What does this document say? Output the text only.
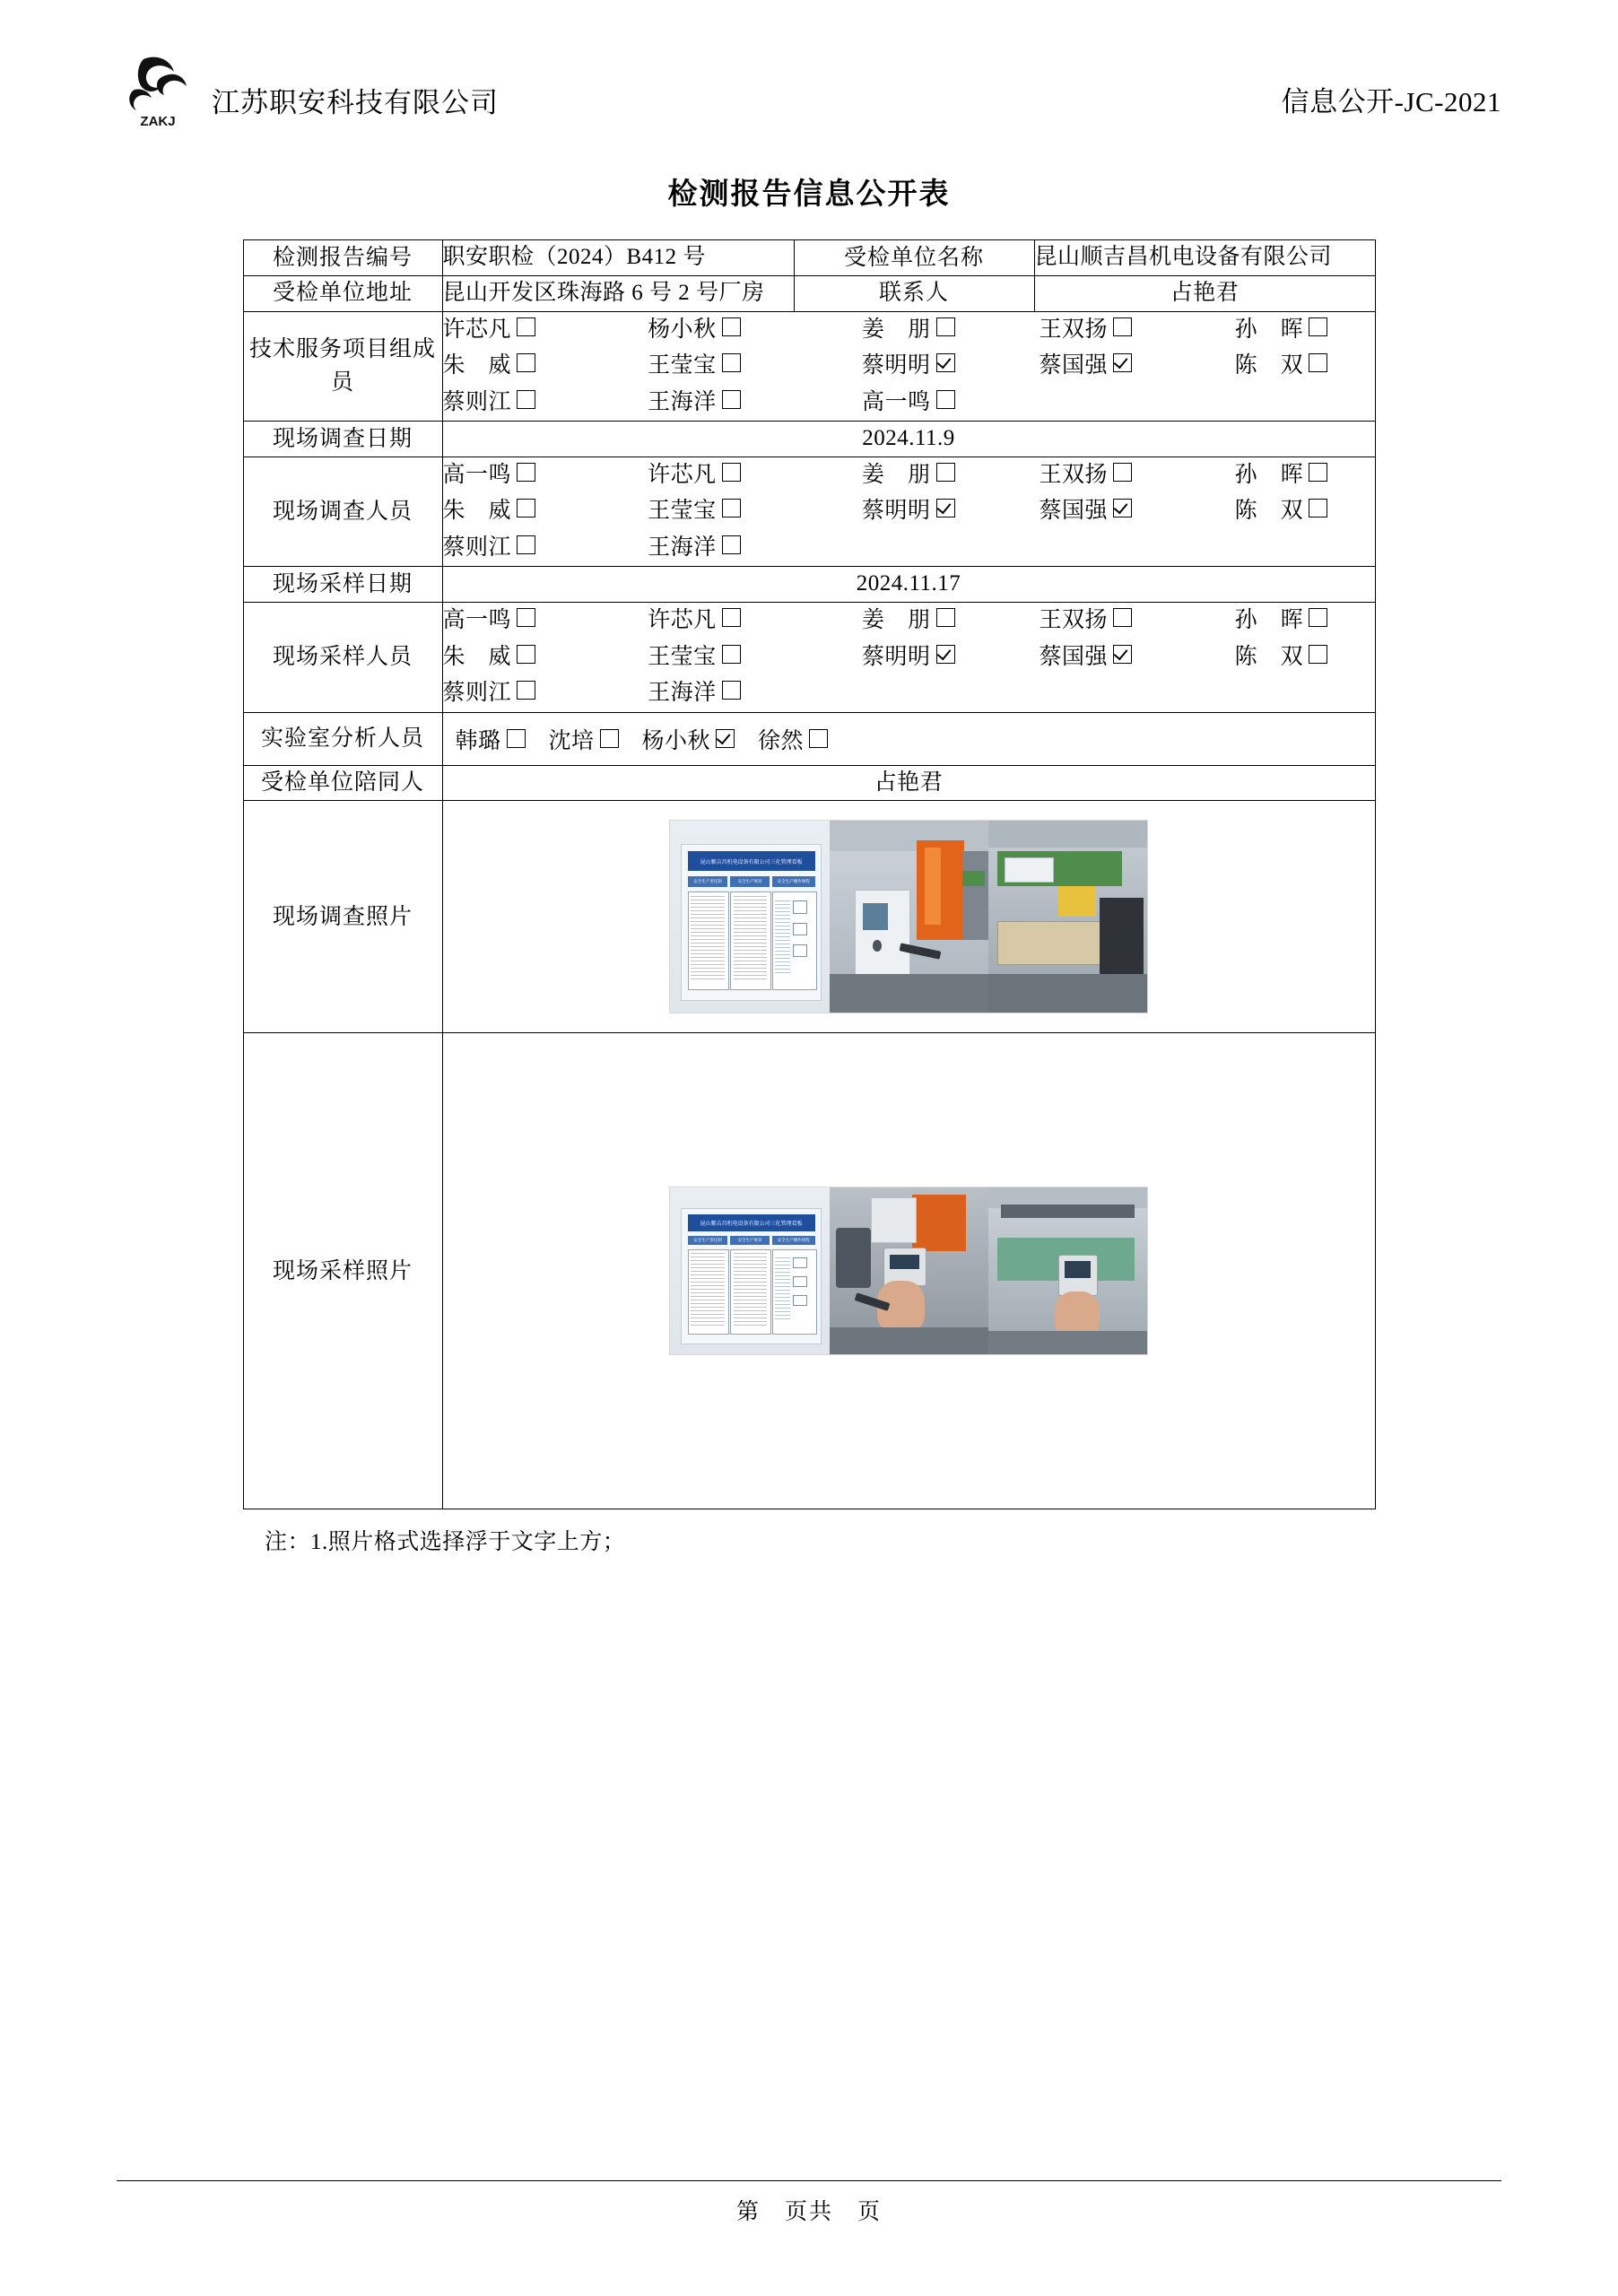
ZAKJ
江苏职安科技有限公司	信息公开-JC-2021
检测报告信息公开表
检测报告编号	职安职检（2024）B412 号	受检单位名称	昆山顺吉昌机电设备有限公司
受检单位地址	昆山开发区珠海路 6 号 2 号厂房	联系人	占艳君
技术服务项目组成员	
许芯凡	杨小秋	姜　朋	王双扬	孙　晖
朱　威	王莹宝	蔡明明	蔡国强	陈　双
蔡则江	王海洋	高一鸣

现场调查日期	2024.11.9		
现场调查人员	
高一鸣	许芯凡	姜　朋	王双扬	孙　晖
朱　威	王莹宝	蔡明明	蔡国强	陈　双
蔡则江	王海洋

现场采样日期	2024.11.17		
现场采样人员	
高一鸣	许芯凡	姜　朋	王双扬	孙　晖
朱　威	王莹宝	蔡明明	蔡国强	陈　双
蔡则江	王海洋

实验室分析人员	韩璐 沈培 杨小秋 徐然		

受检单位陪同人	占艳君		
现场调查照片	昆山顺吉昌机电设备有限公司三化管理看板
安全生产责任制 安全生产规章 安全生产操作规程		

现场采样照片	昆山顺吉昌机电设备有限公司三化管理看板
安全生产责任制 安全生产规章 安全生产操作规程		
注：1.照片格式选择浮于文字上方；
第　页共　页
